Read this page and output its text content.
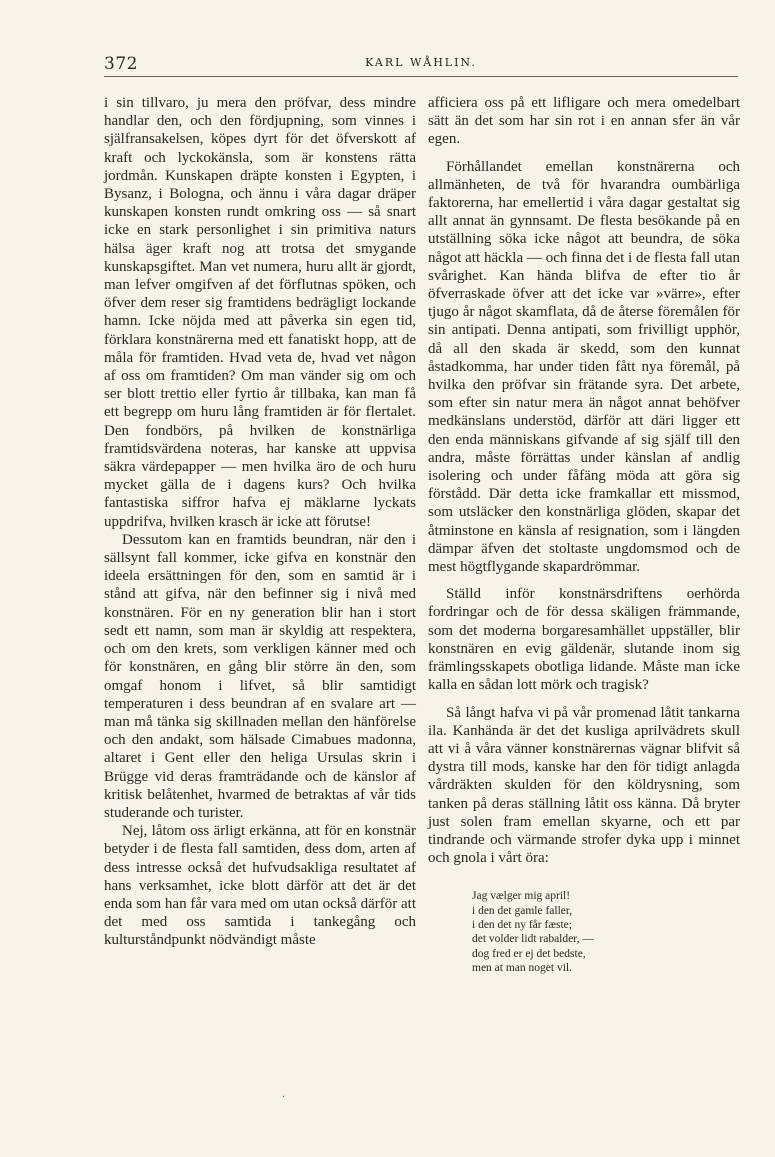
372	KARL WÅHLIN.

i sin tillvaro, ju mera den pröfvar, dess mindre handlar den, och den fördjupning, som vinnes i själfransakelsen, köpes dyrt för det öfverskott af kraft och lyckokänsla, som är konstens rätta jordmån. Kunskapen dräpte konsten i Egypten, i Bysanz, i Bologna, och ännu i våra dagar dräper kunskapen konsten rundt omkring oss — så snart icke en stark personlighet i sin primitiva naturs hälsa äger kraft nog att trotsa det smygande kunskapsgiftet. Man vet numera, huru allt är gjordt, man lefver omgifven af det förflutnas spöken, och öfver dem reser sig framtidens bedrägligt lockande hamn. Icke nöjda med att påverka sin egen tid, förklara konstnärerna med ett fanatiskt hopp, att de måla för framtiden. Hvad veta de, hvad vet någon af oss om framtiden? Om man vänder sig om och ser blott trettio eller fyrtio år tillbaka, kan man få ett begrepp om huru lång framtiden är för flertalet. Den fondbörs, på hvilken de konstnärliga framtidsvärdena noteras, har kanske att uppvisa säkra värdepapper — men hvilka äro de och huru mycket gälla de i dagens kurs? Och hvilka fantastiska siffror hafva ej mäklarne lyckats uppdrifva, hvilken krasch är icke att förutse!

Dessutom kan en framtids beundran, när den i sällsynt fall kommer, icke gifva en konstnär den ideela ersättningen för den, som en samtid är i stånd att gifva, när den befinner sig i nivå med konstnären. För en ny generation blir han i stort sedt ett namn, som man är skyldig att respektera, och om den krets, som verkligen känner med och för konstnären, en gång blir större än den, som omgaf honom i lifvet, så blir samtidigt temperaturen i dess beundran af en svalare art — man må tänka sig skillnaden mellan den hänförelse och den andakt, som hälsade Cimabues madonna, altaret i Gent eller den heliga Ursulas skrin i Brügge vid deras framträdande och de känslor af kritisk belåtenhet, hvarmed de betraktas af vår tids studerande och turister.

Nej, låtom oss ärligt erkänna, att för en konstnär betyder i de flesta fall samtiden, dess dom, arten af dess intresse också det hufvudsakliga resultatet af hans verksamhet, icke blott därför att det är det enda som han får vara med om utan också därför att det med oss samtida i tankegång och kulturståndpunkt nödvändigt måste

afficiera oss på ett lifligare och mera omedelbart sätt än det som har sin rot i en annan sfer än vår egen.

Förhållandet emellan konstnärerna och allmänheten, de två för hvarandra oumbärliga faktorerna, har emellertid i våra dagar gestaltat sig allt annat än gynnsamt. De flesta besökande på en utställning söka icke något att beundra, de söka något att häckla — och finna det i de flesta fall utan svårighet. Kan hända blifva de efter tio år öfverraskade öfver att det icke var »värre», efter tjugo år något skamflata, då de återse föremålen för sin antipati. Denna antipati, som frivilligt upphör, då all den skada är skedd, som den kunnat åstadkomma, har under tiden fått nya föremål, på hvilka den pröfvar sin frätande syra. Det arbete, som efter sin natur mera än något annat behöfver medkänslans understöd, därför att däri ligger ett den enda människans gifvande af sig själf till den andra, måste förrättas under känslan af andlig isolering och under fåfäng möda att göra sig förstådd. Där detta icke framkallar ett missmod, som utsläcker den konstnärliga glöden, skapar det åtminstone en känsla af resignation, som i längden dämpar äfven det stoltaste ungdomsmod och de mest högtflygande skapardrömmar.

Ställd inför konstnärsdriftens oerhörda fordringar och de för dessa skäligen främmande, som det moderna borgaresamhället uppställer, blir konstnären en evig gäldenär, slutande inom sig främlingsskapets obotliga lidande. Måste man icke kalla en sådan lott mörk och tragisk?

Så långt hafva vi på vår promenad låtit tankarna ila. Kanhända är det det kusliga aprilvädrets skull att vi å våra vänner konstnärernas vägnar blifvit så dystra till mods, kanske har den för tidigt anlagda vårdräkten skulden för den köldrysning, som tanken på deras ställning låtit oss känna. Då bryter just solen fram emellan skyarne, och ett par tindrande och värmande strofer dyka upp i minnet och gnola i vårt öra:

Jag vælger mig april!
i den det gamle faller,
i den det ny får fæste;
det volder lidt rabalder, —
dog fred er ej det bedste,
men at man noget vil.
·
